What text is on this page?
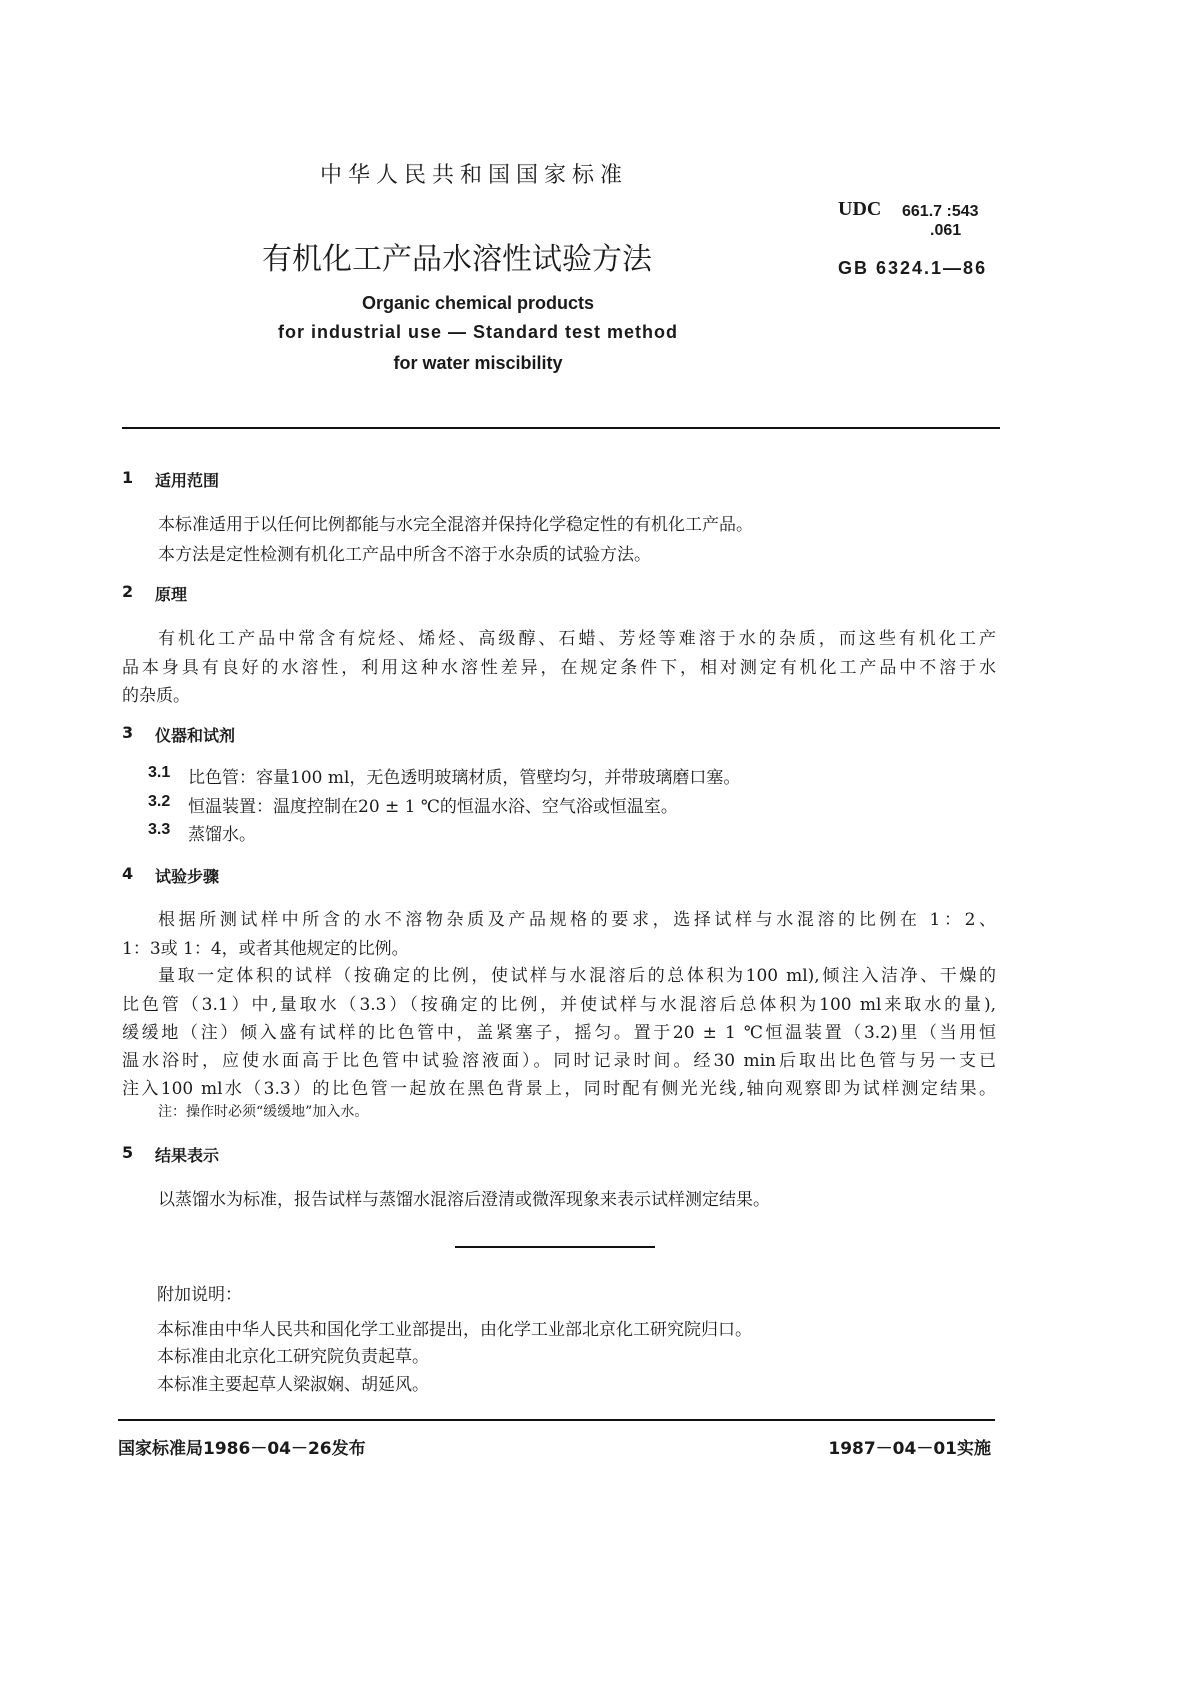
中华人民共和国国家标准
UDC 661.7 :543
.061
GB 6324.1—86
有机化工产品水溶性试验方法
Organic chemical products
for industrial use — Standard test method
for water miscibility
1 适用范围
本标准适用于以任何比例都能与水完全混溶并保持化学稳定性的有机化工产品。
本方法是定性检测有机化工产品中所含不溶于水杂质的试验方法。
2 原理
有机化工产品中常含有烷烃、烯烃、高级醇、石蜡、芳烃等难溶于水的杂质，而这些有机化工产
品本身具有良好的水溶性，利用这种水溶性差异，在规定条件下，相对测定有机化工产品中不溶于水
的杂质。
3 仪器和试剂
3.1 比色管：容量100 ml，无色透明玻璃材质，管壁均匀，并带玻璃磨口塞。
3.2 恒温装置：温度控制在20 ± 1 ℃的恒温水浴、空气浴或恒温室。
3.3 蒸馏水。
4 试验步骤
根据所测试样中所含的水不溶物杂质及产品规格的要求，选择试样与水混溶的比例在 1：2、
1：3或 1：4，或者其他规定的比例。
量取一定体积的试样（按确定的比例，使试样与水混溶后的总体积为100 ml),倾注入洁净、干燥的
比色管（3.1）中,量取水（3.3）（按确定的比例，并使试样与水混溶后总体积为100 ml来取水的量),
缓缓地（注）倾入盛有试样的比色管中，盖紧塞子，摇匀。置于20 ± 1 ℃恒温装置（3.2)里（当用恒
温水浴时，应使水面高于比色管中试验溶液面）。同时记录时间。经30 min后取出比色管与另一支已
注入100 ml水（3.3）的比色管一起放在黑色背景上，同时配有侧光光线,轴向观察即为试样测定结果。
注：操作时必须“缓缓地”加入水。
5 结果表示
以蒸馏水为标准，报告试样与蒸馏水混溶后澄清或微浑现象来表示试样测定结果。
附加说明：
本标准由中华人民共和国化学工业部提出，由化学工业部北京化工研究院归口。
本标准由北京化工研究院负责起草。
本标准主要起草人梁淑娴、胡延风。
国家标准局1986－04－26发布	1987－04－01实施
